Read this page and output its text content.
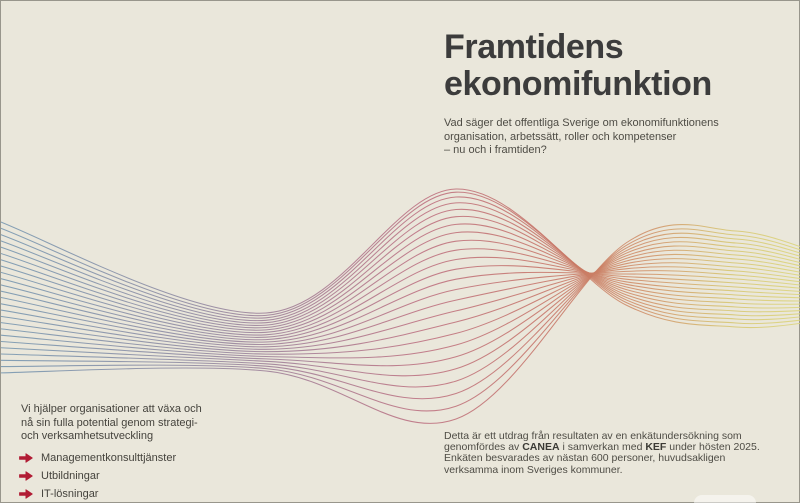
Framtidens
ekonomifunktion
Vad säger det offentliga Sverige om ekonomifunktionens
organisation, arbetssätt, roller och kompetenser
– nu och i framtiden?
Vi hjälper organisationer att växa och
nå sin fulla potential genom strategi-
och verksamhetsutveckling
Managementkonsulttjänster
Utbildningar
IT-lösningar
Detta är ett utdrag från resultaten av en enkätundersökning som
genomfördes av CANEA i samverkan med KEF under hösten 2025.
Enkäten besvarades av nästan 600 personer, huvudsakligen
verksamma inom Sveriges kommuner.
